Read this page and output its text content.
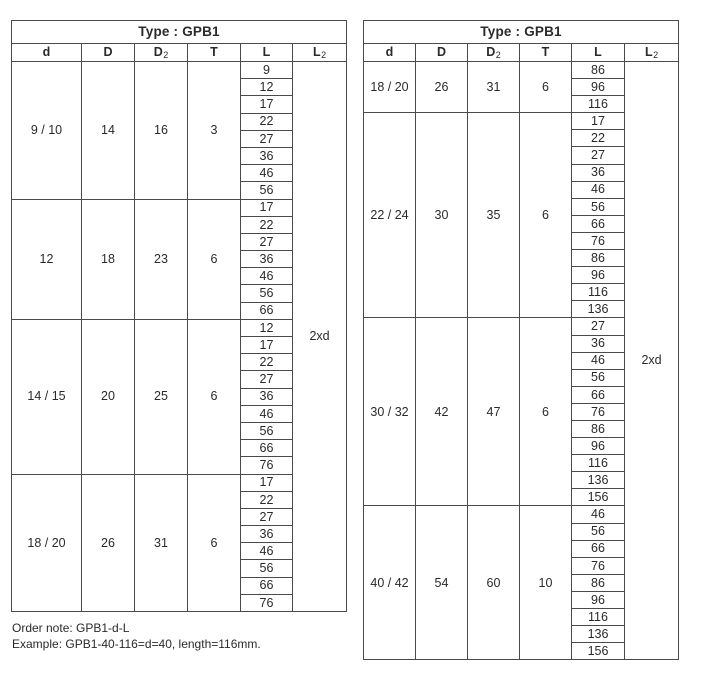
Type : GPB1					
d	D	D2	T	L	L2
9 / 10	14	16	3	9	2xd
				12	
				17	
				22	
				27	
				36	
				46	
				56	
12	18	23	6	17	
				22	
				27	
				36	
				46	
				56	
				66	
14 / 15	20	25	6	12	
				17	
				22	
				27	
				36	
				46	
				56	
				66	
				76	
18 / 20	26	31	6	17	
				22	
				27	
				36	
				46	
				56	
				66	
				76	
Type : GPB1					
d	D	D2	T	L	L2
18 / 20	26	31	6	86	2xd
				96	
				116	
22 / 24	30	35	6	17	
				22	
				27	
				36	
				46	
				56	
				66	
				76	
				86	
				96	
				116	
				136	
30 / 32	42	47	6	27	
				36	
				46	
				56	
				66	
				76	
				86	
				96	
				116	
				136	
				156	
40 / 42	54	60	10	46	
				56	
				66	
				76	
				86	
				96	
				116	
				136	
				156	
Order note: GPB1-d-L
Example: GPB1-40-116=d=40, length=116mm.
